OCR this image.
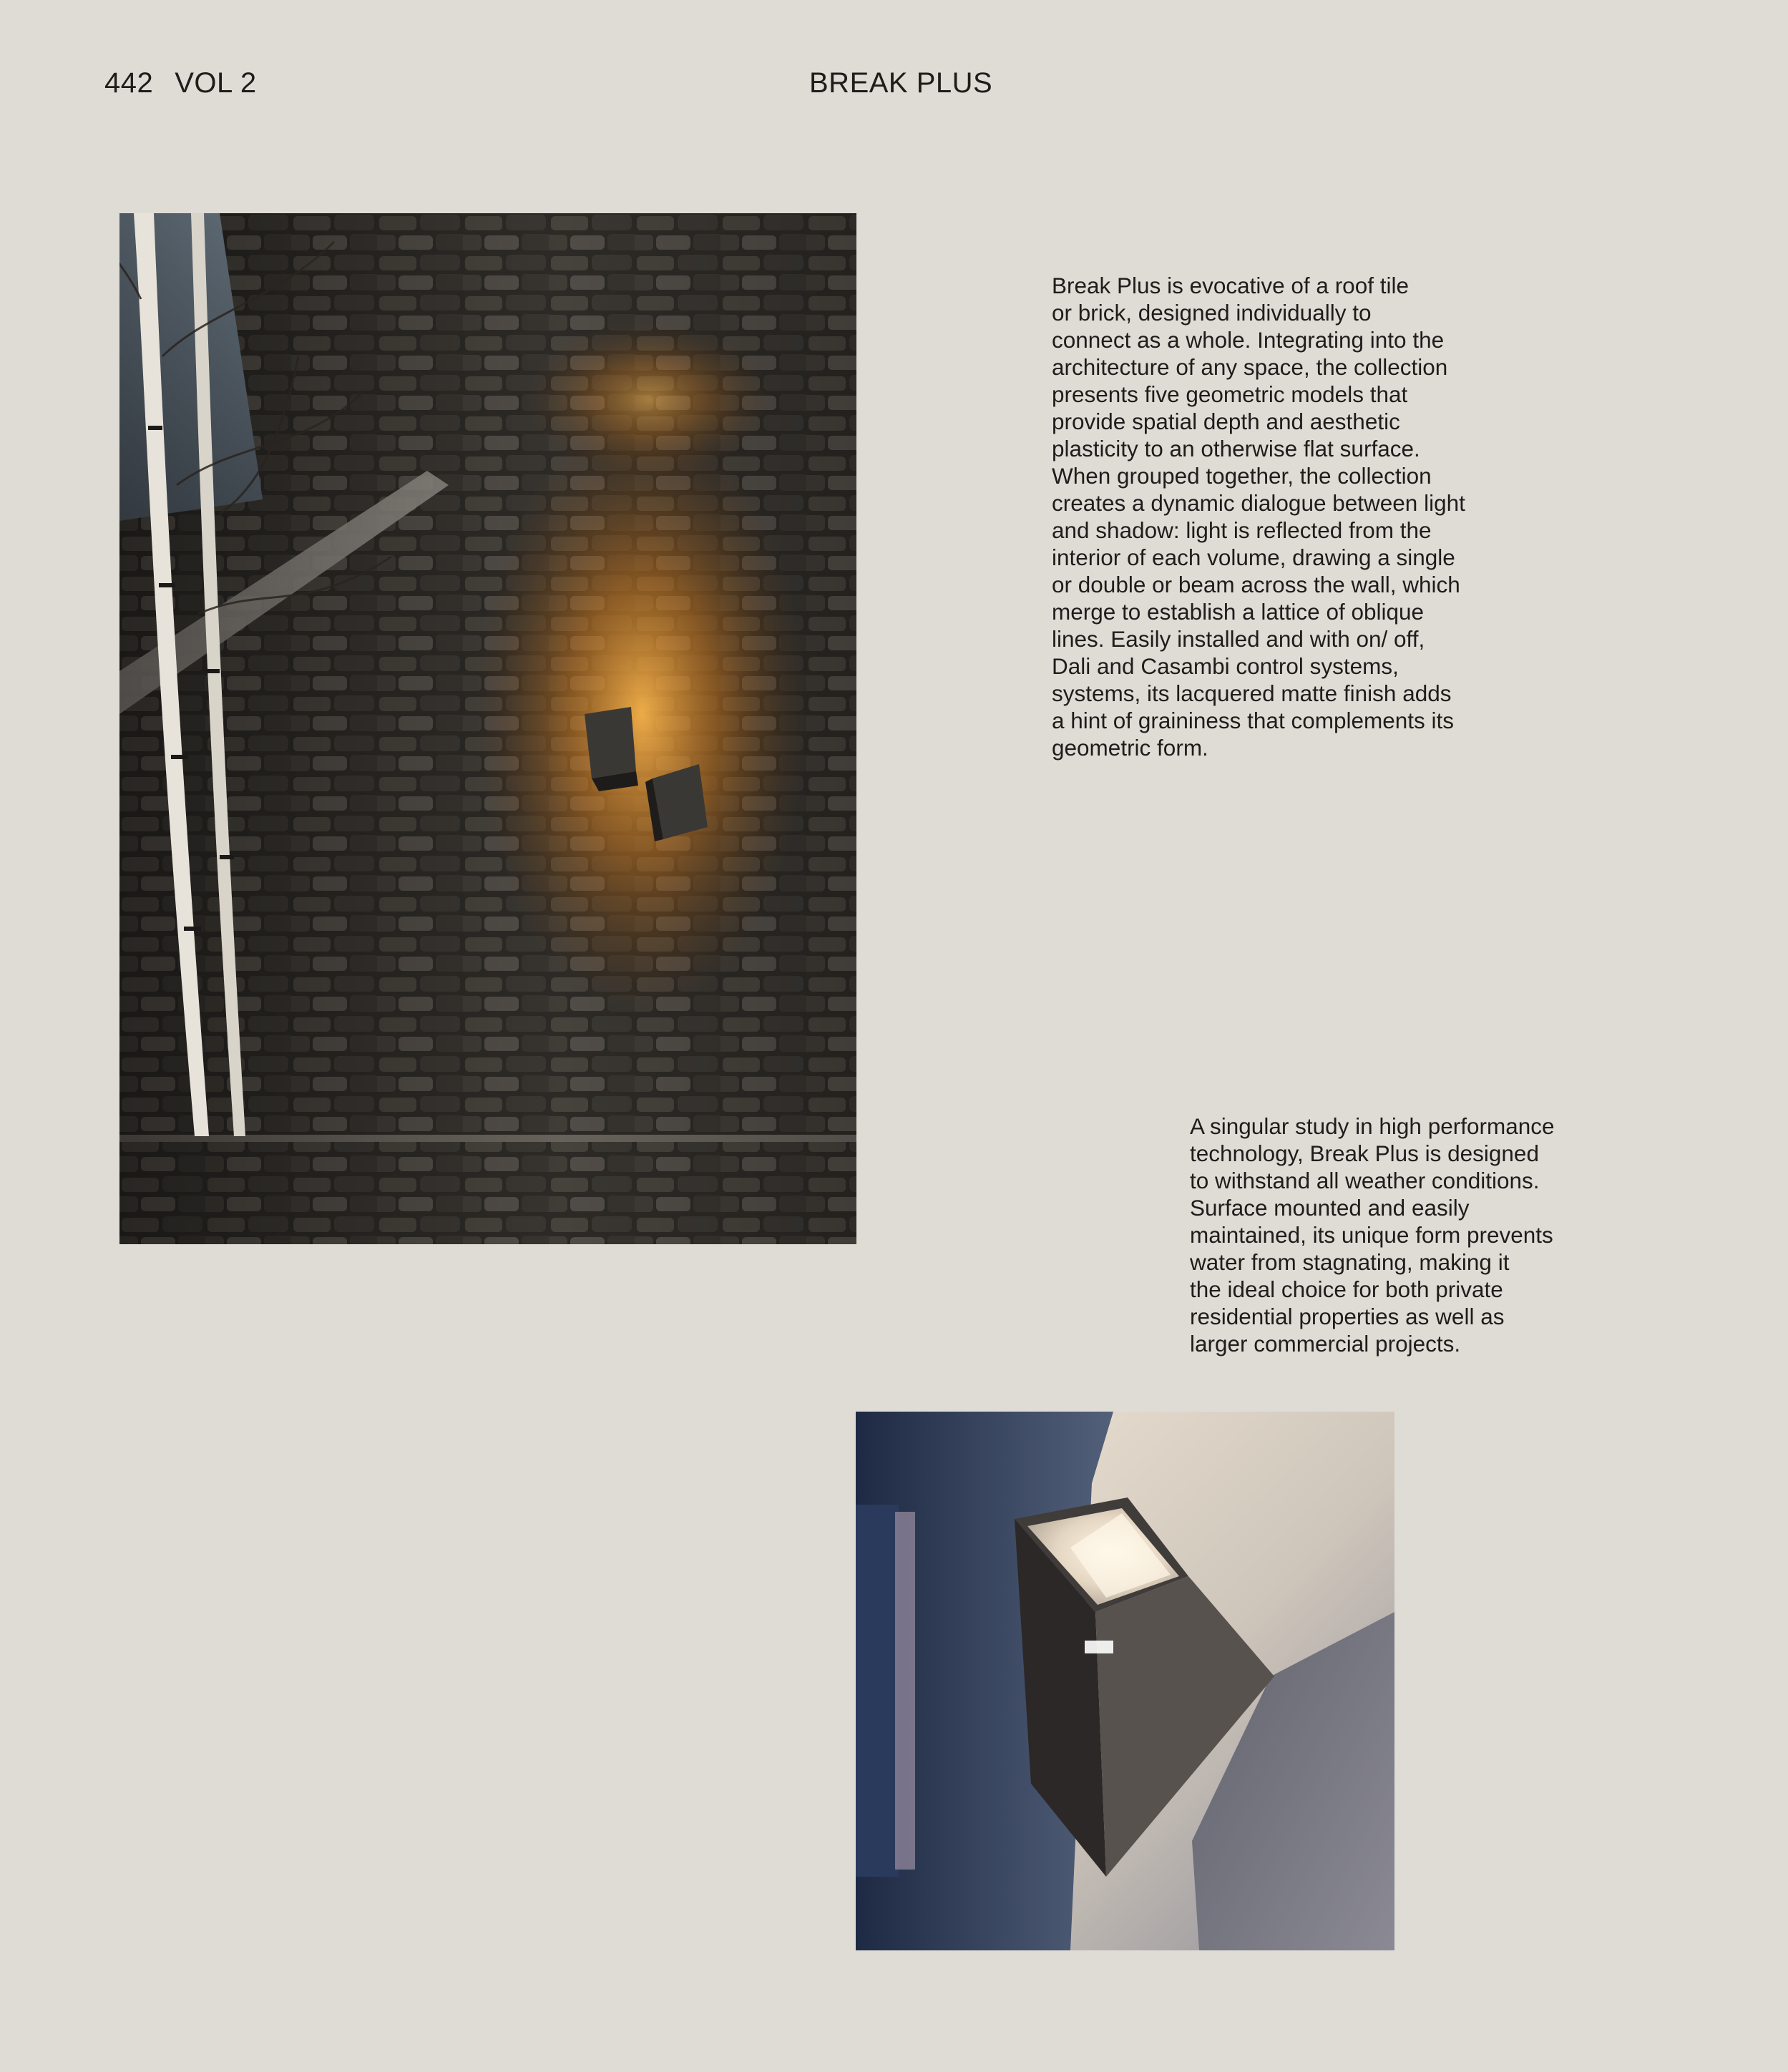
442 VOL 2	BREAK PLUS

Break Plus is evocative of a roof tile
or brick, designed individually to
connect as a whole. Integrating into the
architecture of any space, the collection
presents five geometric models that
provide spatial depth and aesthetic
plasticity to an otherwise flat surface.
When grouped together, the collection
creates a dynamic dialogue between light
and shadow: light is reflected from the
interior of each volume, drawing a single
or double or beam across the wall, which
merge to establish a lattice of oblique
lines. Easily installed and with on/ off,
Dali and Casambi control systems,
systems, its lacquered matte finish adds
a hint of graininess that complements its
geometric form.

A singular study in high performance
technology, Break Plus is designed
to withstand all weather conditions.
Surface mounted and easily
maintained, its unique form prevents
water from stagnating, making it
the ideal choice for both private
residential properties as well as
larger commercial projects.
